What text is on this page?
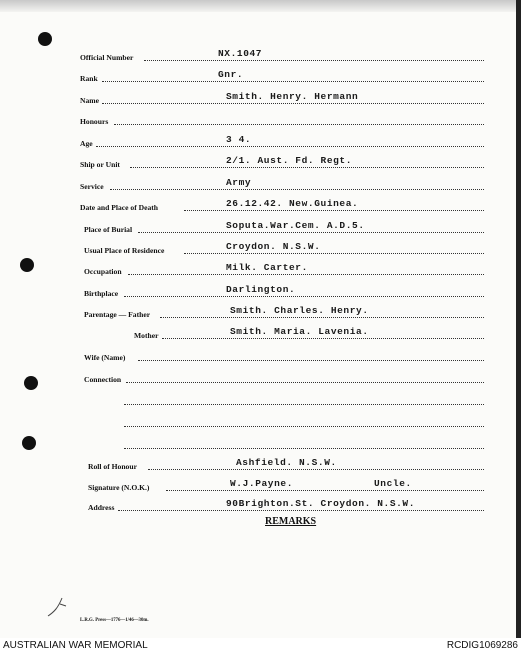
Official Number	NX.1047
Rank	Gnr.
Name	Smith. Henry. Hermann
Honours
Age	3 4.
Ship or Unit	2/1. Aust. Fd. Regt.
Service	Army
Date and Place of Death	26.12.42. New.Guinea.
Place of Burial	Soputa.War.Cem. A.D.5.
Usual Place of Residence	Croydon. N.S.W.
Occupation	Milk. Carter.
Birthplace	Darlington.
Parentage — Father	Smith. Charles. Henry.
Mother	Smith. Maria. Lavenia.
Wife (Name)
Connection
Roll of Honour	Ashfield. N.S.W.
Signature (N.O.K.)	W.J.Payne.	Uncle.
Address	90Brighton.St. Croydon. N.S.W.
REMARKS
L.R.G. Press—1776—1/46—30m.
AUSTRALIAN WAR MEMORIAL	RCDIG1069286
